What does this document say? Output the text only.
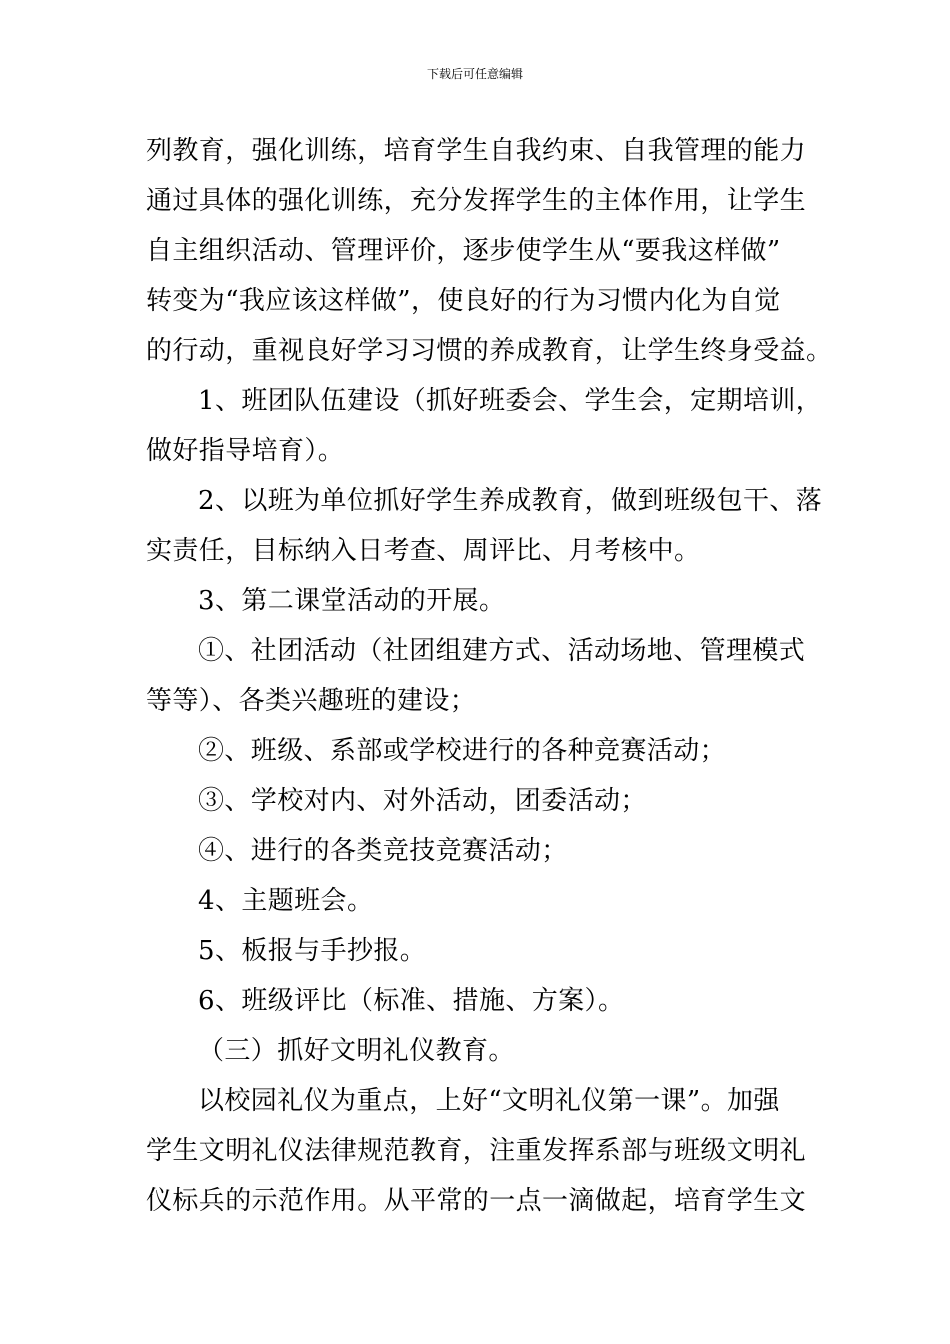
下载后可任意编辑
列教育，强化训练，培育学生自我约束、自我管理的能力
通过具体的强化训练，充分发挥学生的主体作用，让学生
自主组织活动、管理评价，逐步使学生从“要我这样做”
转变为“我应该这样做”，使良好的行为习惯内化为自觉
的行动，重视良好学习习惯的养成教育，让学生终身受益。
1、班团队伍建设（抓好班委会、学生会，定期培训，
做好指导培育）。
2、以班为单位抓好学生养成教育，做到班级包干、落
实责任，目标纳入日考查、周评比、月考核中。
3、第二课堂活动的开展。
①、社团活动（社团组建方式、活动场地、管理模式
等等）、各类兴趣班的建设；
②、班级、系部或学校进行的各种竞赛活动；
③、学校对内、对外活动，团委活动；
④、进行的各类竞技竞赛活动；
4、主题班会。
5、板报与手抄报。
6、班级评比（标准、措施、方案）。
（三）抓好文明礼仪教育。
以校园礼仪为重点，上好“文明礼仪第一课”。加强
学生文明礼仪法律规范教育，注重发挥系部与班级文明礼
仪标兵的示范作用。从平常的一点一滴做起，培育学生文
